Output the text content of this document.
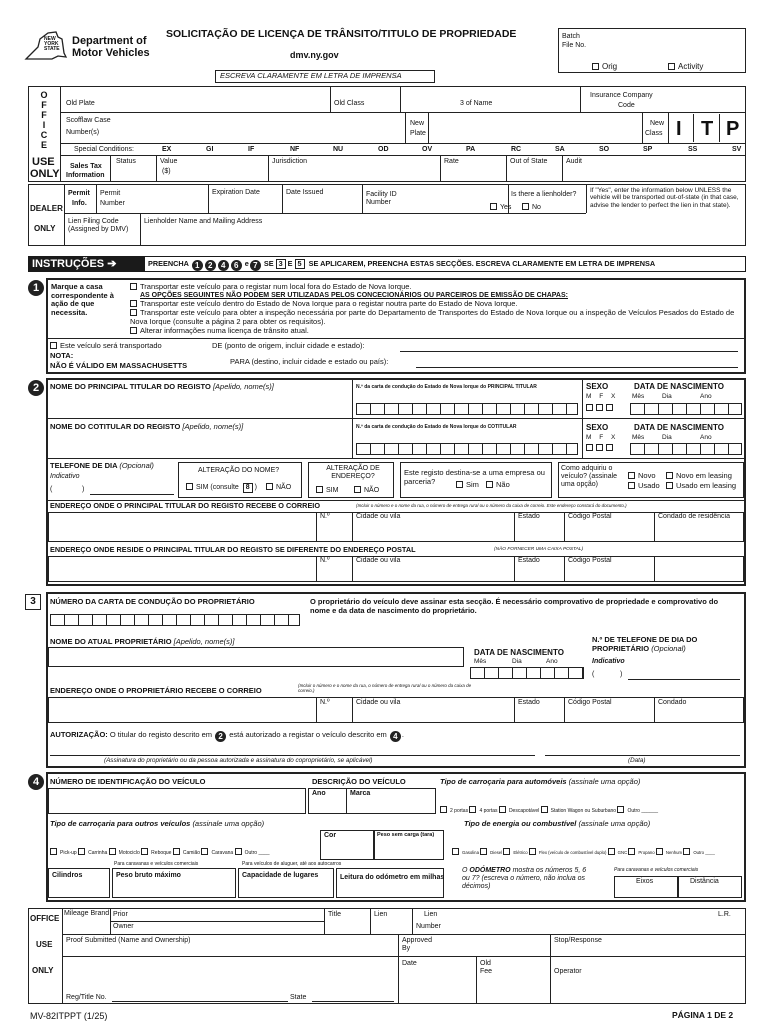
NEW YORK STATE
Department of
Motor Vehicles
SOLICITAÇÃO DE LICENÇA DE TRÂNSITO/TITULO DE PROPRIEDADE
dmv.ny.gov
ESCREVA CLARAMENTE EM LETRA DE IMPRENSA
Batch
File No.
Orig	Activity
O
F
F
I
C
E
USE
ONLY
Old Plate	Old Class	3 of Name
Insurance Company
Code
Scofflaw Case
Number(s)
New
Plate
New
Class I T P
Special Conditions:	EX	GI	IF	NF	NU	OD	OV	PA	RC	SA	SO	SP	SS	SV
Sales Tax
Information
Status	Value
($)
Jurisdiction	Rate	Out of State	Audit
DEALER
ONLY
Permit
Info.
Permit
Number
Expiration Date	Date Issued	Facility ID
Number
Is there a lienholder?
Yes	No
If "Yes", enter the information below UNLESS the vehicle will be transported out-of-state (in that case, advise the lender to perfect the lien in that state).
Lien Filing Code
(Assigned by DMV)
Lienholder Name and Mailing Address
INSTRUÇÕES ➔	PREENCHA 1 2 4 6 e 7 SE 3 E 5 SE APLICAREM, PREENCHA ESTAS SECÇÕES. ESCREVA CLARAMENTE EM LETRA DE IMPRENSA
1	Marque a casa correspondente à ação de que necessita.
Transportar este veículo para o registar num local fora do Estado de Nova Iorque.
AS OPÇÕES SEGUINTES NÃO PODEM SER UTILIZADAS PELOS CONCECIONÁRIOS OU PARCEIROS DE EMISSÃO DE CHAPAS:
Transportar este veículo dentro do Estado de Nova Iorque para o registar noutra parte do Estado de Nova Iorque.
Transportar este veículo para obter a inspeção necessária por parte do Departamento de Transportes do Estado de Nova Iorque ou a inspeção de Veículos Pesados do Estado de Nova Iorque (consulte a página 2 para obter os requisitos).
Alterar informações numa licença de trânsito atual.
Este veículo será transportado	DE (ponto de origem, incluir cidade e estado):
NOTA:
NÃO É VÁLIDO EM MASSACHUSETTS	PARA (destino, incluir cidade e estado ou país):
2	NOME DO PRINCIPAL TITULAR DO REGISTO [Apelido, nome(s)]	N.º da carta de condução do Estado de Nova Iorque do PRINCIPAL TITULAR	SEXO
M F X
DATA DE NASCIMENTO
Mês	Dia	Ano
NOME DO COTITULAR DO REGISTO [Apelido, nome(s)]	N.º da carta de condução do Estado de Nova Iorque do COTITULAR	SEXO
M F X
DATA DE NASCIMENTO
Mês	Dia	Ano
TELEFONE DE DIA (Opcional)
Indicativo
(	)
ALTERAÇÃO DO NOME?
SIM (consulte 8 )	NÃO
ALTERAÇÃO DE ENDEREÇO?
SIM	NÃO
Este registo destina-se a uma empresa ou parceria?	Sim	Não
Como adquiriu o veículo? (assinale uma opção)
Novo
Usado
Novo em leasing
Usado em leasing
ENDEREÇO ONDE O PRINCIPAL TITULAR DO REGISTO RECEBE O CORREIO	(Incluir o número e o nome da rua, o número de entrega rural ou o número da caixa de correio. Este endereço constará do documento.)
N.º	Cidade ou vila	Estado	Código Postal	Condado de residência
ENDEREÇO ONDE RESIDE O PRINCIPAL TITULAR DO REGISTO SE DIFERENTE DO ENDEREÇO POSTAL	(NÃO FORNECER UMA CAIXA POSTAL)
N.º	Cidade ou vila	Estado	Código Postal
3	NÚMERO DA CARTA DE CONDUÇÃO DO PROPRIETÁRIO	O proprietário do veículo deve assinar esta secção. É necessário comprovativo de propriedade e comprovativo do nome e da data de nascimento do proprietário.
NOME DO ATUAL PROPRIETÁRIO [Apelido, nome(s)]
DATA DE NASCIMENTO
Mês	Dia	Ano
N.º DE TELEFONE DE DIA DO PROPRIETÁRIO (Opcional)
Indicativo
(	)
ENDEREÇO ONDE O PROPRIETÁRIO RECEBE O CORREIO
(Incluir o número e o nome da rua, o número de entrega rural ou o número da caixa de correio.)
N.º	Cidade ou vila	Estado	Código Postal	Condado
AUTORIZAÇÃO: O titular do registo descrito em 2 está autorizado a registar o veículo descrito em 4 .
(Assinatura do proprietário ou da pessoa autorizada e assinatura do coproprietário, se aplicável)	(Data)
4	NÚMERO DE IDENTIFICAÇÃO DO VEÍCULO	DESCRIÇÃO DO VEÍCULO
Ano	Marca
Tipo de carroçaria para automóveis (assinale uma opção)
2 portas 4 portas Descapotável Station Wagon ou Suburbano Outro ______
Tipo de carroçaria para outros veículos (assinale uma opção)	Tipo de energia ou combustível (assinale uma opção)
Pick-up Carrinha Motociclo Reboque Camião Caravana Outro ____
Cor	Peso sem carga (tara)
Gasolina	Diesel	Elétrico	Flex (veículo de combustível duplo)	GNC	Propano	Nenhum	Outro ____
Para caravanas e veículos comerciais	Para veículos de aluguer, até aos autocarros
Cilindros	Peso bruto máximo	Capacidade de lugares	Leitura do odómetro em milhas
O ODÓMETRO mostra os números 5, 6 ou 7? (escreva o número, não inclua os décimos)
Para caravanas e veículos comerciais
Eixos	Distância
OFFICE
USE
ONLY
Mileage Brand Prior
Owner
Title	Lien	Lien
Number
L.R.
Proof Submitted (Name and Ownership)	Approved
By
Stop/Response
Reg/Title No.	State
Date	Old
Fee	Operator
MV-82ITPPT (1/25)	PÁGINA 1 DE 2
